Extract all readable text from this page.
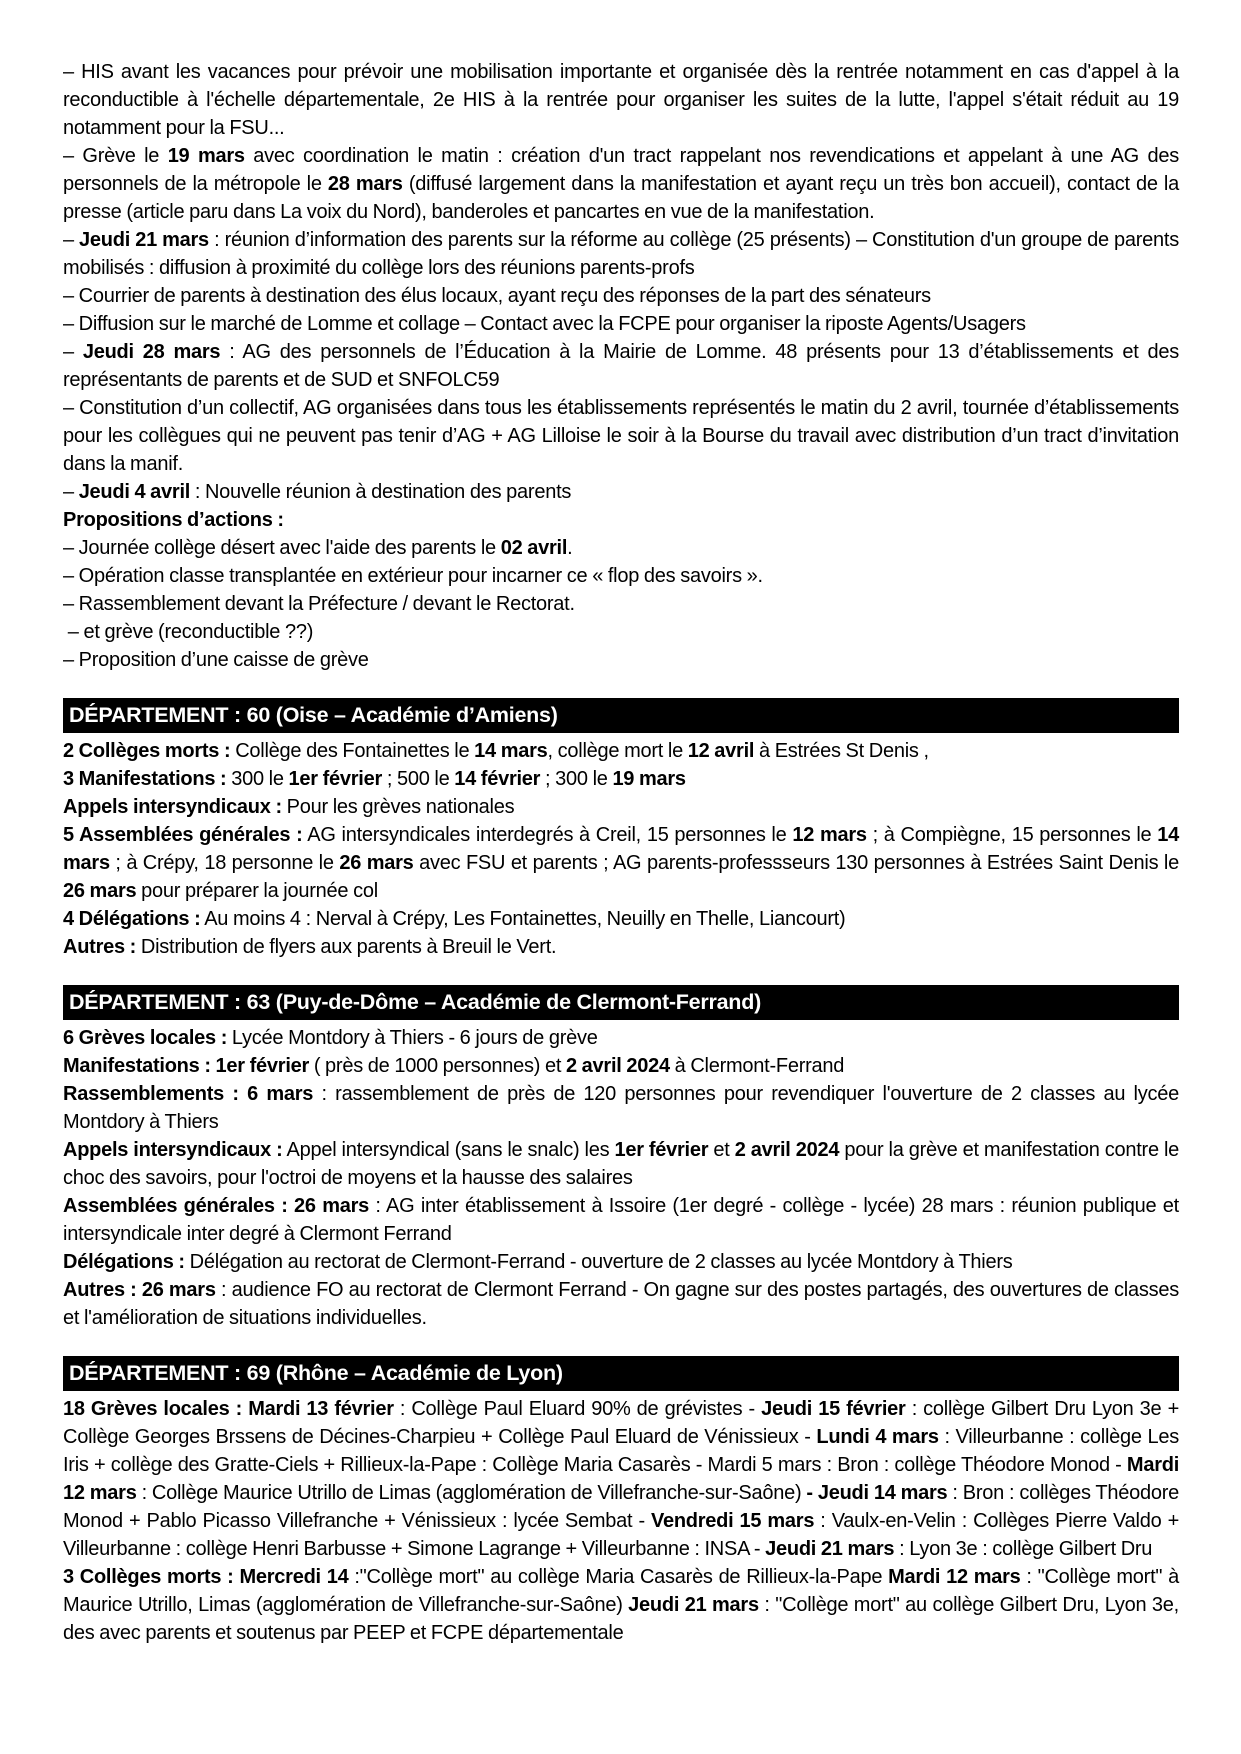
– HIS avant les vacances pour prévoir une mobilisation importante et organisée dès la rentrée notamment en cas d'appel à la reconductible à l'échelle départementale, 2e HIS à la rentrée pour organiser les suites de la lutte, l'appel s'était réduit au 19 notamment pour la FSU...

– Grève le 19 mars avec coordination le matin : création d'un tract rappelant nos revendications et appelant à une AG des personnels de la métropole le 28 mars (diffusé largement dans la manifestation et ayant reçu un très bon accueil), contact de la presse (article paru dans La voix du Nord), banderoles et pancartes en vue de la manifestation.

– Jeudi 21 mars : réunion d’information des parents sur la réforme au collège (25 présents) – Constitution d'un groupe de parents mobilisés : diffusion à proximité du collège lors des réunions parents-profs

– Courrier de parents à destination des élus locaux, ayant reçu des réponses de la part des sénateurs

– Diffusion sur le marché de Lomme et collage – Contact avec la FCPE pour organiser la riposte Agents/Usagers

– Jeudi 28 mars : AG des personnels de l’Éducation à la Mairie de Lomme. 48 présents pour 13 d’établissements et des représentants de parents et de SUD et SNFOLC59

– Constitution d’un collectif, AG organisées dans tous les établissements représentés le matin du 2 avril, tournée d’établissements pour les collègues qui ne peuvent pas tenir d’AG + AG Lilloise le soir à la Bourse du travail avec distribution d’un tract d’invitation dans la manif.

– Jeudi 4 avril : Nouvelle réunion à destination des parents

Propositions d’actions :

– Journée collège désert avec l'aide des parents le 02 avril.

– Opération classe transplantée en extérieur pour incarner ce « flop des savoirs ».

– Rassemblement devant la Préfecture / devant le Rectorat.

– et grève (reconductible ??)

– Proposition d’une caisse de grève

DÉPARTEMENT : 60 (Oise – Académie d’Amiens)

2 Collèges morts : Collège des Fontainettes le 14 mars, collège mort le 12 avril à Estrées St Denis ,

3 Manifestations : 300 le 1er février ; 500 le 14 février ; 300 le 19 mars

Appels intersyndicaux : Pour les grèves nationales

5 Assemblées générales : AG intersyndicales interdegrés à Creil, 15 personnes le 12 mars ; à Compiègne, 15 personnes le 14 mars ; à Crépy, 18 personne le 26 mars avec FSU et parents ; AG parents-professseurs 130 personnes à Estrées Saint Denis le 26 mars pour préparer la journée col

4 Délégations : Au moins 4 : Nerval à Crépy, Les Fontainettes, Neuilly en Thelle, Liancourt)

Autres : Distribution de flyers aux parents à Breuil le Vert.

DÉPARTEMENT : 63 (Puy-de-Dôme – Académie de Clermont-Ferrand)

6 Grèves locales : Lycée Montdory à Thiers - 6 jours de grève

Manifestations : 1er février ( près de 1000 personnes) et 2 avril 2024 à Clermont-Ferrand

Rassemblements : 6 mars : rassemblement de près de 120 personnes pour revendiquer l'ouverture de 2 classes au lycée Montdory à Thiers

Appels intersyndicaux : Appel intersyndical (sans le snalc) les 1er février et 2 avril 2024 pour la grève et manifestation contre le choc des savoirs, pour l'octroi de moyens et la hausse des salaires

Assemblées générales : 26 mars : AG inter établissement à Issoire (1er degré - collège - lycée) 28 mars : réunion publique et intersyndicale inter degré à Clermont Ferrand

Délégations : Délégation au rectorat de Clermont-Ferrand - ouverture de 2 classes au lycée Montdory à Thiers

Autres : 26 mars : audience FO au rectorat de Clermont Ferrand - On gagne sur des postes partagés, des ouvertures de classes et l'amélioration de situations individuelles.

DÉPARTEMENT : 69 (Rhône – Académie de Lyon)

18 Grèves locales : Mardi 13 février : Collège Paul Eluard 90% de grévistes - Jeudi 15 février : collège Gilbert Dru Lyon 3e + Collège Georges Brssens de Décines-Charpieu + Collège Paul Eluard de Vénissieux - Lundi 4 mars : Villeurbanne : collège Les Iris + collège des Gratte-Ciels + Rillieux-la-Pape : Collège Maria Casarès - Mardi 5 mars : Bron : collège Théodore Monod - Mardi 12 mars : Collège Maurice Utrillo de Limas (agglomération de Villefranche-sur-Saône) - Jeudi 14 mars : Bron : collèges Théodore Monod + Pablo Picasso Villefranche + Vénissieux : lycée Sembat - Vendredi 15 mars : Vaulx-en-Velin : Collèges Pierre Valdo + Villeurbanne : collège Henri Barbusse + Simone Lagrange + Villeurbanne : INSA - Jeudi 21 mars : Lyon 3e : collège Gilbert Dru

3 Collèges morts : Mercredi 14 :"Collège mort" au collège Maria Casarès de Rillieux-la-Pape Mardi 12 mars : "Collège mort" à Maurice Utrillo, Limas (agglomération de Villefranche-sur-Saône) Jeudi 21 mars : "Collège mort" au collège Gilbert Dru, Lyon 3e, des avec parents et soutenus par PEEP et FCPE départementale
